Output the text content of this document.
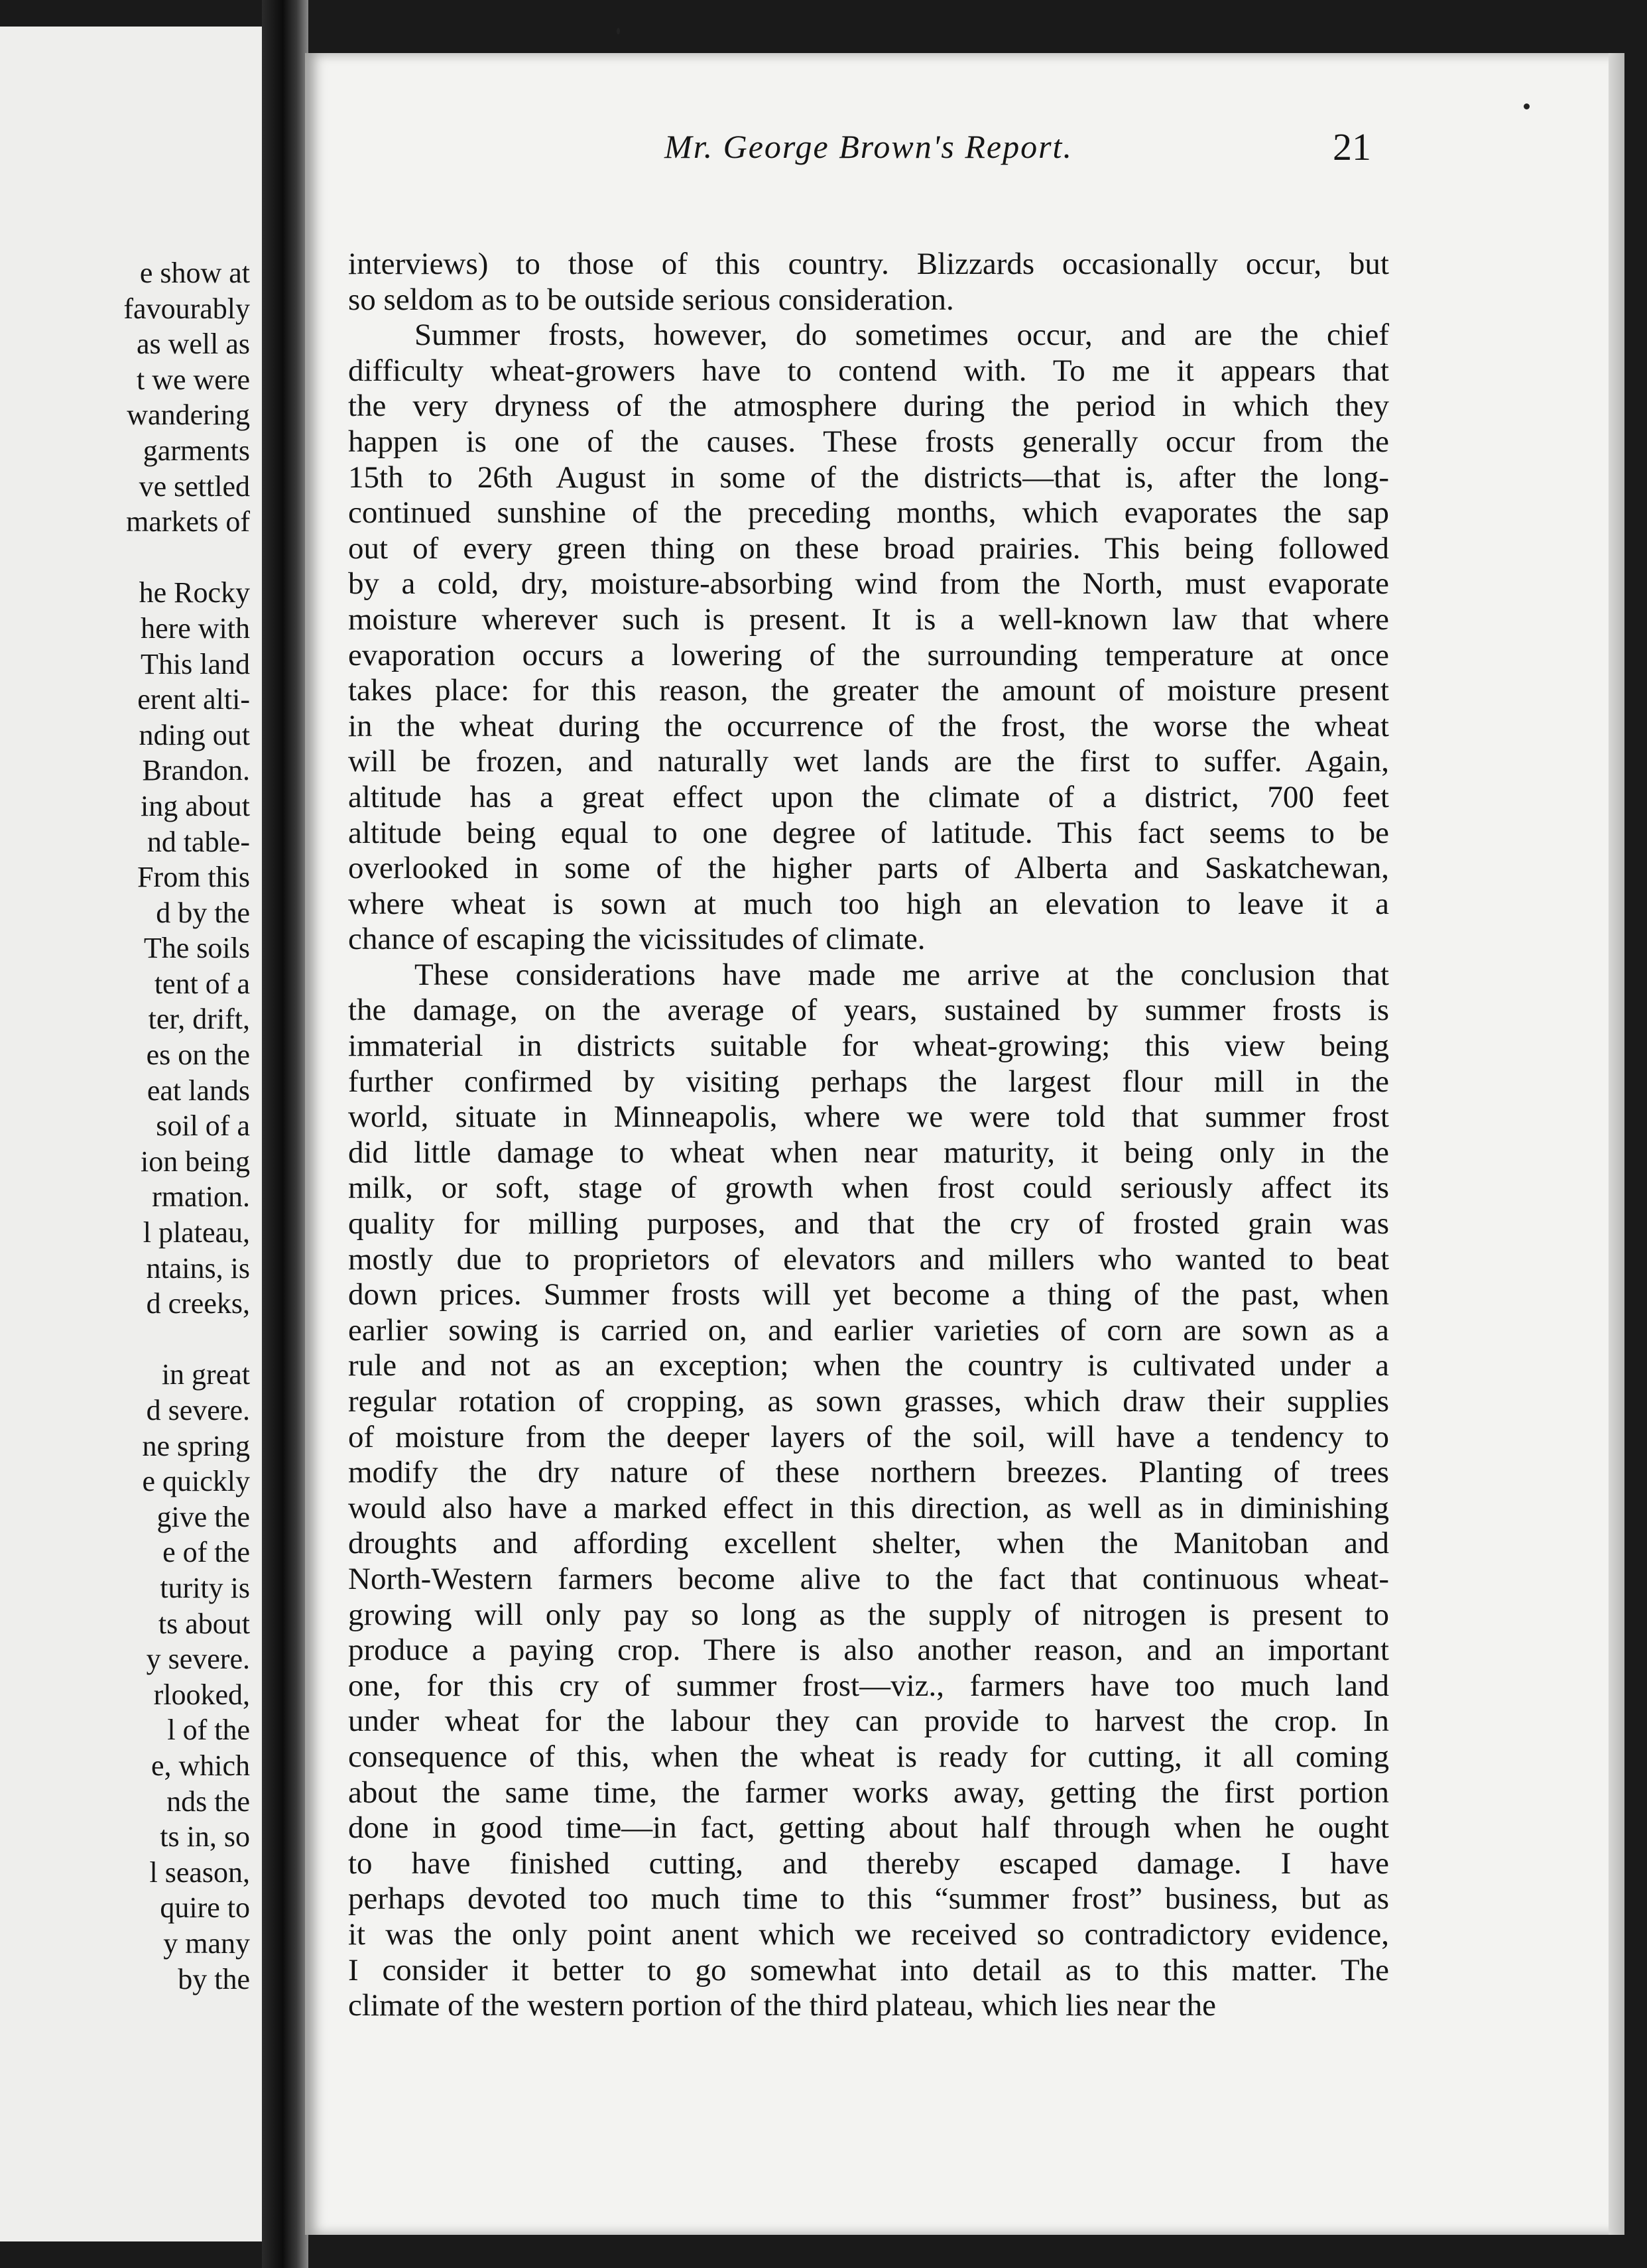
e show at
favourably
as well as
t we were
wandering
garments
ve settled
markets of
he Rocky
here with
This land
erent alti-
nding out
Brandon.
ing about
nd table-
From this
d by the
The soils
tent of a
ter, drift,
es on the
eat lands
soil of a
ion being
rmation.
l plateau,
ntains, is
d creeks,
in great
d severe.
ne spring
e quickly
give the
e of the
turity is
ts about
y severe.
rlooked,
l of the
e, which
nds the
ts in, so
l season,
quire to
y many
by the
Mr. George Brown's Report.	21
interviews) to those of this country. Blizzards occasionally occur, but
so seldom as to be outside serious consideration.
Summer frosts, however, do sometimes occur, and are the chief
difficulty wheat-growers have to contend with. To me it appears that
the very dryness of the atmosphere during the period in which they
happen is one of the causes. These frosts generally occur from the
15th to 26th August in some of the districts—that is, after the long-
continued sunshine of the preceding months, which evaporates the sap
out of every green thing on these broad prairies. This being followed
by a cold, dry, moisture-absorbing wind from the North, must evaporate
moisture wherever such is present. It is a well-known law that where
evaporation occurs a lowering of the surrounding temperature at once
takes place: for this reason, the greater the amount of moisture present
in the wheat during the occurrence of the frost, the worse the wheat
will be frozen, and naturally wet lands are the first to suffer. Again,
altitude has a great effect upon the climate of a district, 700 feet
altitude being equal to one degree of latitude. This fact seems to be
overlooked in some of the higher parts of Alberta and Saskatchewan,
where wheat is sown at much too high an elevation to leave it a
chance of escaping the vicissitudes of climate.
These considerations have made me arrive at the conclusion that
the damage, on the average of years, sustained by summer frosts is
immaterial in districts suitable for wheat-growing; this view being
further confirmed by visiting perhaps the largest flour mill in the
world, situate in Minneapolis, where we were told that summer frost
did little damage to wheat when near maturity, it being only in the
milk, or soft, stage of growth when frost could seriously affect its
quality for milling purposes, and that the cry of frosted grain was
mostly due to proprietors of elevators and millers who wanted to beat
down prices. Summer frosts will yet become a thing of the past, when
earlier sowing is carried on, and earlier varieties of corn are sown as a
rule and not as an exception; when the country is cultivated under a
regular rotation of cropping, as sown grasses, which draw their supplies
of moisture from the deeper layers of the soil, will have a tendency to
modify the dry nature of these northern breezes. Planting of trees
would also have a marked effect in this direction, as well as in diminishing
droughts and affording excellent shelter, when the Manitoban and
North-Western farmers become alive to the fact that continuous wheat-
growing will only pay so long as the supply of nitrogen is present to
produce a paying crop. There is also another reason, and an important
one, for this cry of summer frost—viz., farmers have too much land
under wheat for the labour they can provide to harvest the crop. In
consequence of this, when the wheat is ready for cutting, it all coming
about the same time, the farmer works away, getting the first portion
done in good time—in fact, getting about half through when he ought
to have finished cutting, and thereby escaped damage. I have
perhaps devoted too much time to this “summer frost” business, but as
it was the only point anent which we received so contradictory evidence,
I consider it better to go somewhat into detail as to this matter. The
climate of the western portion of the third plateau, which lies near the
